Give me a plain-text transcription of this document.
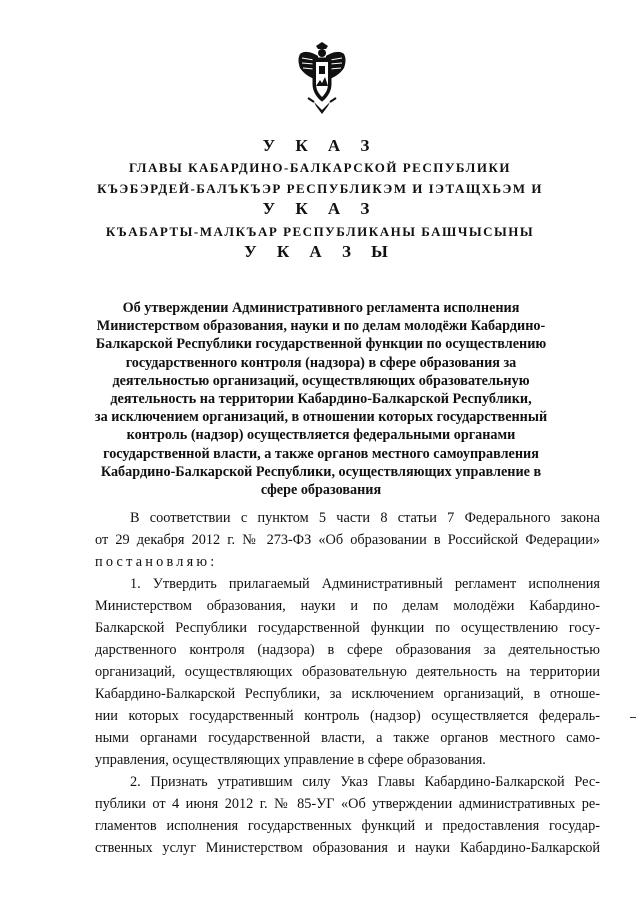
У К А З
ГЛАВЫ КАБАРДИНО-БАЛКАРСКОЙ РЕСПУБЛИКИ
КЪЭБЭРДЕЙ-БАЛЪКЪЭР РЕСПУБЛИКЭМ И ІЭТАЩХЬЭМ И
У К А З
КЪАБАРТЫ-МАЛКЪАР РЕСПУБЛИКАНЫ БАШЧЫСЫНЫ
У К А З Ы
Об утверждении Административного регламента исполнения
Министерством образования, науки и по делам молодёжи Кабардино-
Балкарской Республики государственной функции по осуществлению
государственного контроля (надзора) в сфере образования за
деятельностью организаций, осуществляющих образовательную
деятельность на территории Кабардино-Балкарской Республики,
за исключением организаций, в отношении которых государственный
контроль (надзор) осуществляется федеральными органами
государственной власти, а также органов местного самоуправления
Кабардино-Балкарской Республики, осуществляющих управление в
сфере образования
В соответствии с пунктом 5 части 8 статьи 7 Федерального закона
от 29 декабря 2012 г. № 273-ФЗ «Об образовании в Российской Федерации»
постановляю:
1. Утвердить прилагаемый Административный регламент исполнения
Министерством образования, науки и по делам молодёжи Кабардино-
Балкарской Республики государственной функции по осуществлению госу-
дарственного контроля (надзора) в сфере образования за деятельностью
организаций, осуществляющих образовательную деятельность на территории
Кабардино-Балкарской Республики, за исключением организаций, в отноше-
нии которых государственный контроль (надзор) осуществляется федераль-
ными органами государственной власти, а также органов местного само-
управления, осуществляющих управление в сфере образования.
2. Признать утратившим силу Указ Главы Кабардино-Балкарской Рес-
публики от 4 июня 2012 г. № 85-УГ «Об утверждении административных ре-
гламентов исполнения государственных функций и предоставления государ-
ственных услуг Министерством образования и науки Кабардино-Балкарской
